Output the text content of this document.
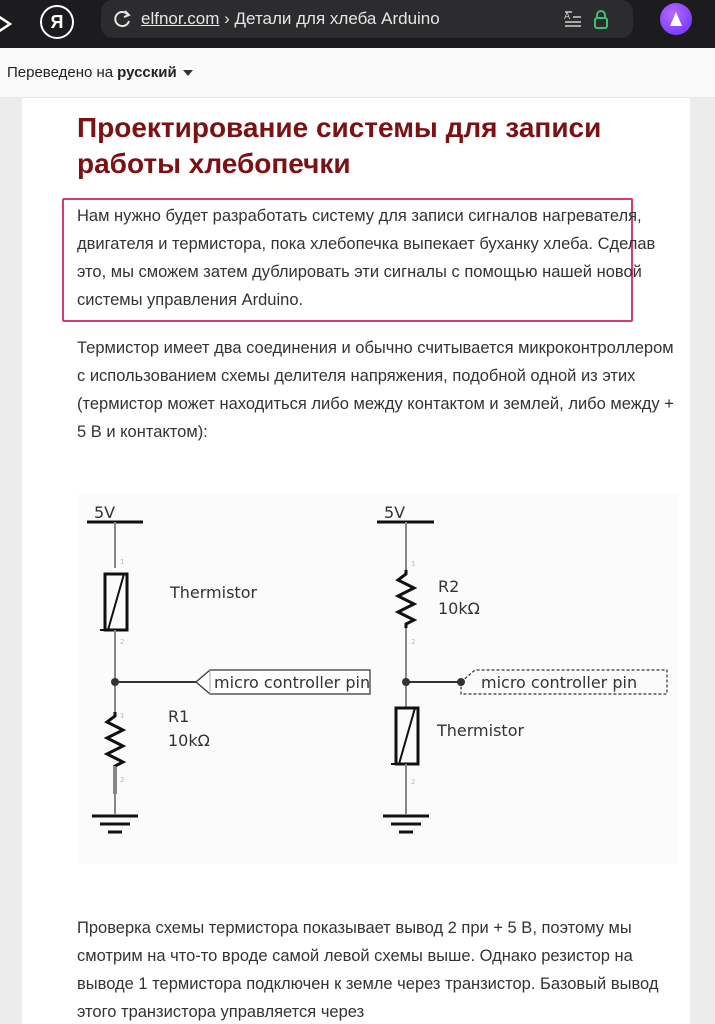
Я	elfnor.com › Детали для хлеба Arduino	A
Переведено на русский
Проектирование системы для записи работы хлебопечки

Нам нужно будет разработать систему для записи сигналов нагревателя, двигателя и термистора, пока хлебопечка выпекает буханку хлеба. Сделав это, мы сможем затем дублировать эти сигналы с помощью нашей новой системы управления Arduino.

Термистор имеет два соединения и обычно считывается микроконтроллером с использованием схемы делителя напряжения, подобной одной из этих (термистор может находиться либо между контактом и землей, либо между + 5 В и контактом):

5V
1
Thermistor
2
micro controller pin
1	R1
10kΩ
2
5V
1
R2
10kΩ
2
micro controller pin
1
Thermistor
2

Проверка схемы термистора показывает вывод 2 при + 5 В, поэтому мы смотрим на что-то вроде самой левой схемы выше. Однако резистор на выводе 1 термистора подключен к земле через транзистор. Базовый вывод этого транзистора управляется через
